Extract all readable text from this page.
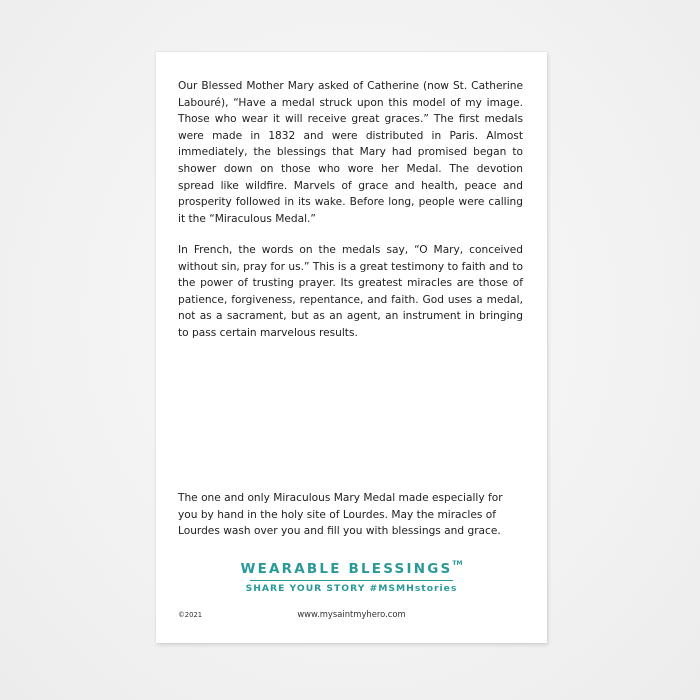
Our Blessed Mother Mary asked of Catherine (now St. Catherine Labouré), “Have a medal struck upon this model of my image. Those who wear it will receive great graces.” The first medals were made in 1832 and were distributed in Paris. Almost immediately, the blessings that Mary had promised began to shower down on those who wore her Medal. The devotion spread like wildfire. Marvels of grace and health, peace and prosperity followed in its wake. Before long, people were calling it the “Miraculous Medal.”

In French, the words on the medals say, “O Mary, conceived without sin, pray for us.” This is a great testimony to faith and to the power of trusting prayer. Its greatest miracles are those of patience, forgiveness, repentance, and faith. God uses a medal, not as a sacrament, but as an agent, an instrument in bringing to pass certain marvelous results.

The one and only Miraculous Mary Medal made especially for you by hand in the holy site of Lourdes. May the miracles of Lourdes wash over you and fill you with blessings and grace.

WEARABLE BLESSINGS™
SHARE YOUR STORY #MSMHstories
©2021	www.mysaintmyhero.com
